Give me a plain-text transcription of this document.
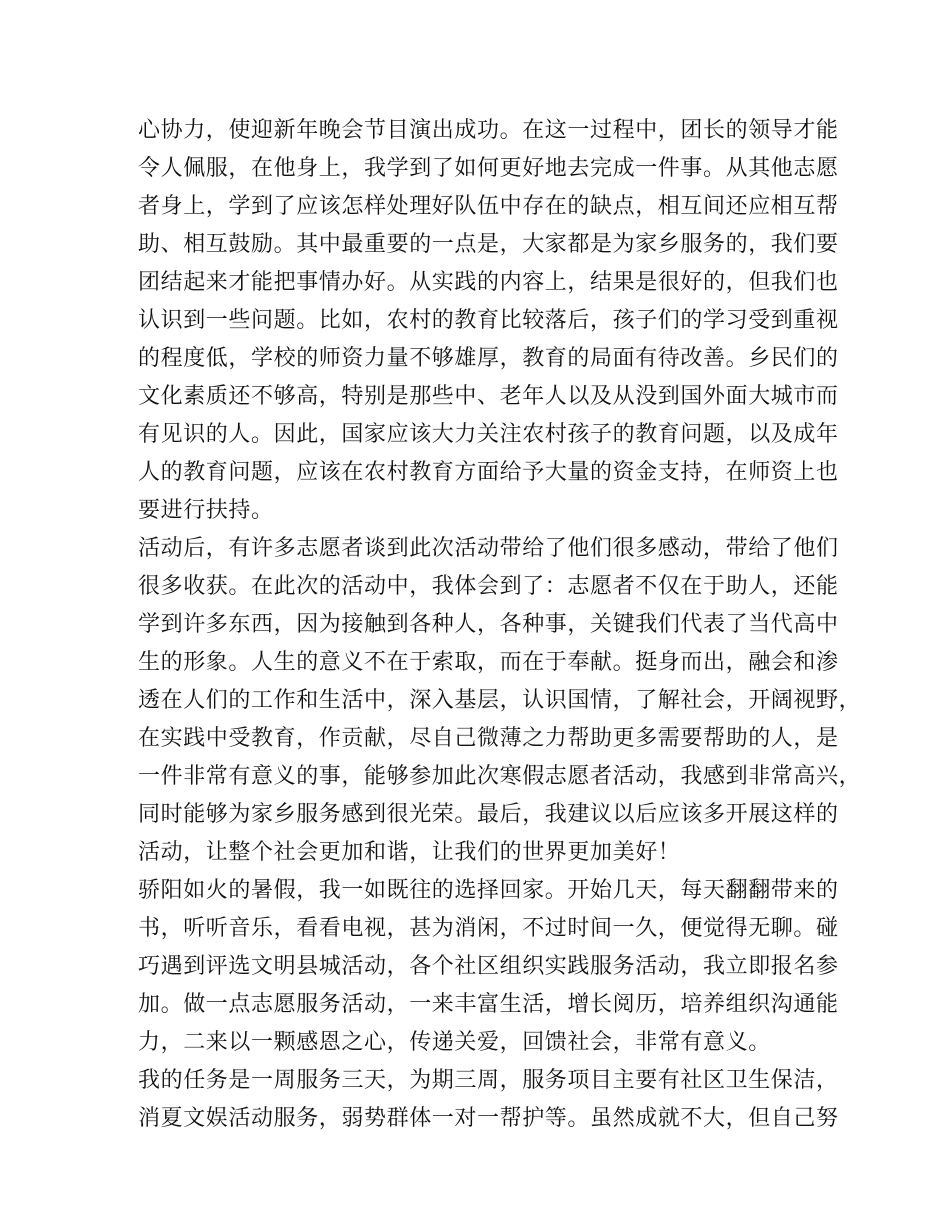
心协力，使迎新年晚会节目演出成功。在这一过程中，团长的领导才能
令人佩服，在他身上，我学到了如何更好地去完成一件事。从其他志愿
者身上，学到了应该怎样处理好队伍中存在的缺点，相互间还应相互帮
助、相互鼓励。其中最重要的一点是，大家都是为家乡服务的，我们要
团结起来才能把事情办好。从实践的内容上，结果是很好的，但我们也
认识到一些问题。比如，农村的教育比较落后，孩子们的学习受到重视
的程度低，学校的师资力量不够雄厚，教育的局面有待改善。乡民们的
文化素质还不够高，特别是那些中、老年人以及从没到国外面大城市而
有见识的人。因此，国家应该大力关注农村孩子的教育问题，以及成年
人的教育问题，应该在农村教育方面给予大量的资金支持，在师资上也
要进行扶持。
活动后，有许多志愿者谈到此次活动带给了他们很多感动，带给了他们
很多收获。在此次的活动中，我体会到了：志愿者不仅在于助人，还能
学到许多东西，因为接触到各种人，各种事，关键我们代表了当代高中
生的形象。人生的意义不在于索取，而在于奉献。挺身而出，融会和渗
透在人们的工作和生活中，深入基层，认识国情，了解社会，开阔视野，
在实践中受教育，作贡献，尽自己微薄之力帮助更多需要帮助的人，是
一件非常有意义的事，能够参加此次寒假志愿者活动，我感到非常高兴，
同时能够为家乡服务感到很光荣。最后，我建议以后应该多开展这样的
活动，让整个社会更加和谐，让我们的世界更加美好！
骄阳如火的暑假，我一如既往的选择回家。开始几天，每天翻翻带来的
书，听听音乐，看看电视，甚为消闲，不过时间一久，便觉得无聊。碰
巧遇到评选文明县城活动，各个社区组织实践服务活动，我立即报名参
加。做一点志愿服务活动，一来丰富生活，增长阅历，培养组织沟通能
力，二来以一颗感恩之心，传递关爱，回馈社会，非常有意义。
我的任务是一周服务三天，为期三周，服务项目主要有社区卫生保洁，
消夏文娱活动服务，弱势群体一对一帮护等。虽然成就不大，但自己努
